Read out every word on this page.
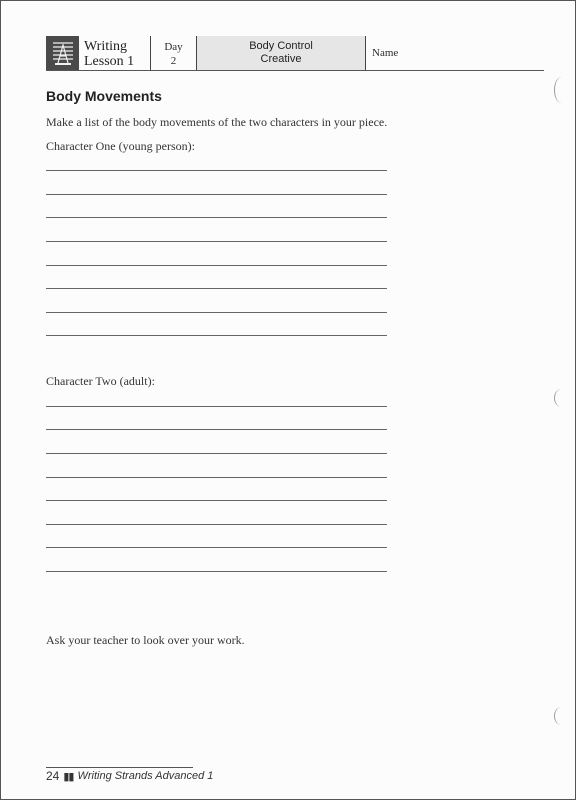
Writing
Lesson 1
Day
2
Body Control
Creative	Name
Body Movements

Make a list of the body movements of the two characters in your piece.

Character One (young person):

Character Two (adult):

Ask your teacher to look over your work.

24 ▮▮ Writing Strands Advanced 1
